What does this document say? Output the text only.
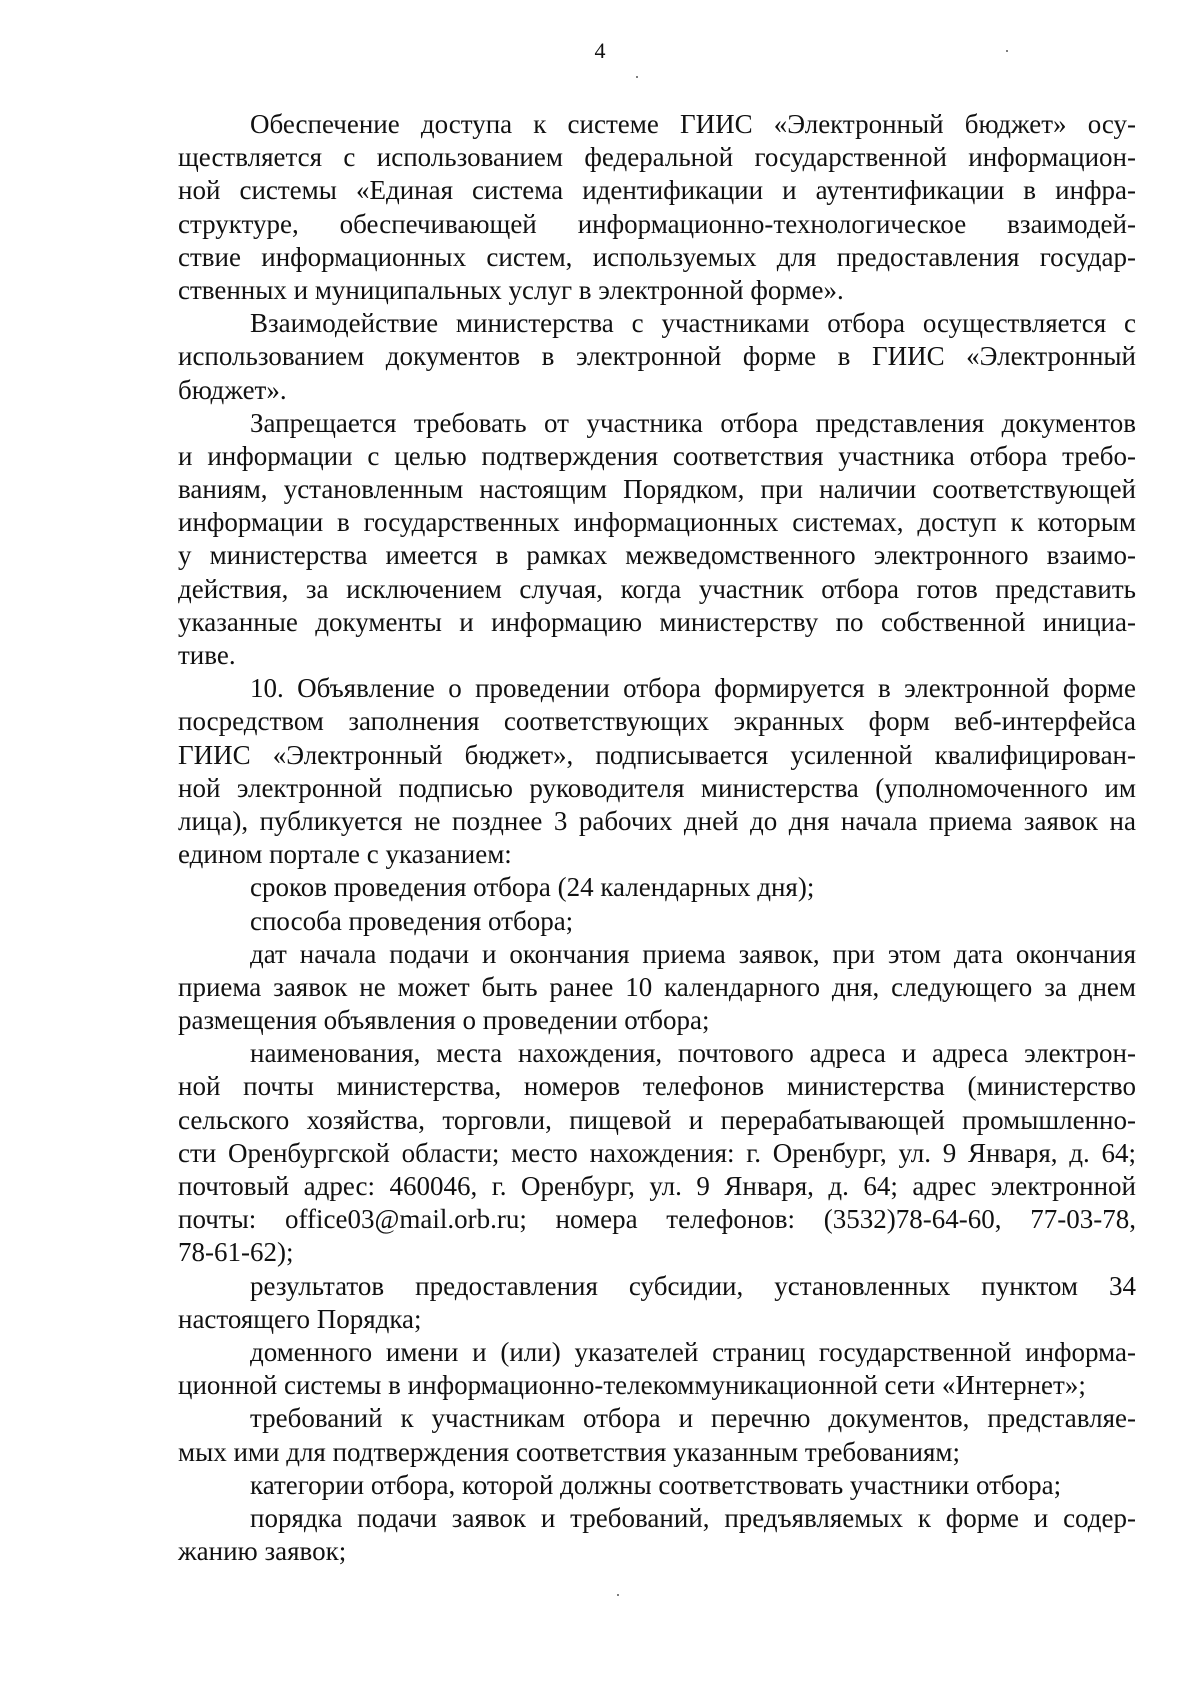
4
Обеспечение доступа к системе ГИИС «Электронный бюджет» осу-
ществляется с использованием федеральной государственной информацион-
ной системы «Единая система идентификации и аутентификации в инфра-
структуре, обеспечивающей информационно-технологическое взаимодей-
ствие информационных систем, используемых для предоставления государ-
ственных и муниципальных услуг в электронной форме».
Взаимодействие министерства с участниками отбора осуществляется с
использованием документов в электронной форме в ГИИС «Электронный
бюджет».
Запрещается требовать от участника отбора представления документов
и информации с целью подтверждения соответствия участника отбора требо-
ваниям, установленным настоящим Порядком, при наличии соответствующей
информации в государственных информационных системах, доступ к которым
у министерства имеется в рамках межведомственного электронного взаимо-
действия, за исключением случая, когда участник отбора готов представить
указанные документы и информацию министерству по собственной инициа-
тиве.
10. Объявление о проведении отбора формируется в электронной форме
посредством заполнения соответствующих экранных форм веб-интерфейса
ГИИС «Электронный бюджет», подписывается усиленной квалифицирован-
ной электронной подписью руководителя министерства (уполномоченного им
лица), публикуется не позднее 3 рабочих дней до дня начала приема заявок на
едином портале с указанием:
сроков проведения отбора (24 календарных дня);
способа проведения отбора;
дат начала подачи и окончания приема заявок, при этом дата окончания
приема заявок не может быть ранее 10 календарного дня, следующего за днем
размещения объявления о проведении отбора;
наименования, места нахождения, почтового адреса и адреса электрон-
ной почты министерства, номеров телефонов министерства (министерство
сельского хозяйства, торговли, пищевой и перерабатывающей промышленно-
сти Оренбургской области; место нахождения: г. Оренбург, ул. 9 Января, д. 64;
почтовый адрес: 460046, г. Оренбург, ул. 9 Января, д. 64; адрес электронной
почты: office03@mail.orb.ru; номера телефонов: (3532)78-64-60, 77-03-78,
78-61-62);
результатов предоставления субсидии, установленных пунктом 34
настоящего Порядка;
доменного имени и (или) указателей страниц государственной информа-
ционной системы в информационно-телекоммуникационной сети «Интернет»;
требований к участникам отбора и перечню документов, представляе-
мых ими для подтверждения соответствия указанным требованиям;
категории отбора, которой должны соответствовать участники отбора;
порядка подачи заявок и требований, предъявляемых к форме и содер-
жанию заявок;
